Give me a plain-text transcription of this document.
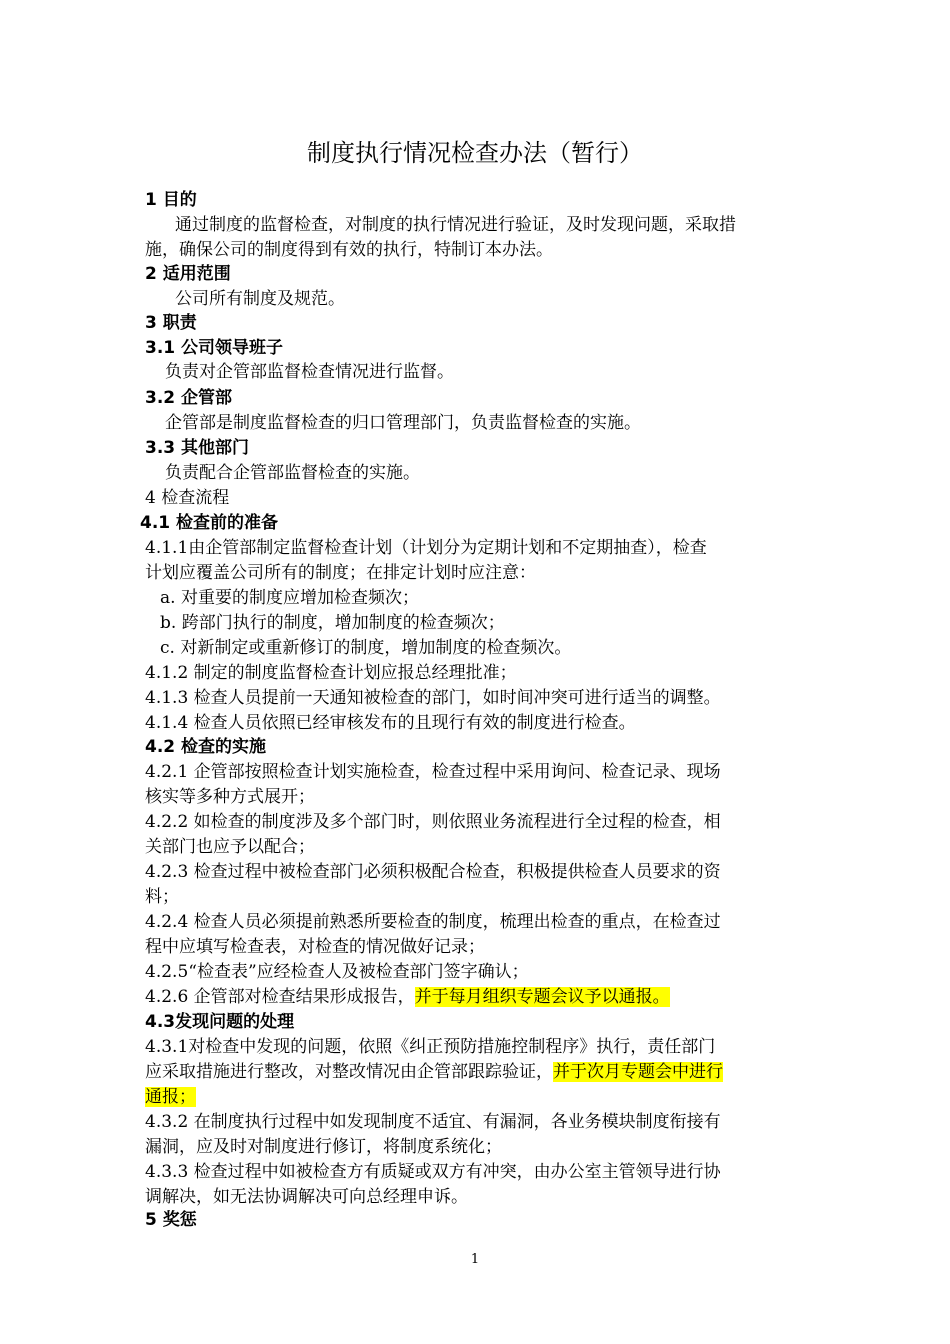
制度执行情况检查办法（暂行）
1 目的
通过制度的监督检查，对制度的执行情况进行验证，及时发现问题，采取措
施，确保公司的制度得到有效的执行，特制订本办法。
2 适用范围
公司所有制度及规范。
3 职责
3.1 公司领导班子
负责对企管部监督检查情况进行监督。
3.2 企管部
企管部是制度监督检查的归口管理部门，负责监督检查的实施。
3.3 其他部门
负责配合企管部监督检查的实施。
4 检查流程
4.1 检查前的准备
4.1.1由企管部制定监督检查计划（计划分为定期计划和不定期抽查），检查
计划应覆盖公司所有的制度；在排定计划时应注意：
a. 对重要的制度应增加检查频次；
b. 跨部门执行的制度，增加制度的检查频次；
c. 对新制定或重新修订的制度，增加制度的检查频次。
4.1.2 制定的制度监督检查计划应报总经理批准；
4.1.3 检查人员提前一天通知被检查的部门，如时间冲突可进行适当的调整。
4.1.4 检查人员依照已经审核发布的且现行有效的制度进行检查。
4.2 检查的实施
4.2.1 企管部按照检查计划实施检查，检查过程中采用询问、检查记录、现场
核实等多种方式展开；
4.2.2 如检查的制度涉及多个部门时，则依照业务流程进行全过程的检查，相
关部门也应予以配合；
4.2.3 检查过程中被检查部门必须积极配合检查，积极提供检查人员要求的资
料；
4.2.4 检查人员必须提前熟悉所要检查的制度，梳理出检查的重点，在检查过
程中应填写检查表，对检查的情况做好记录；
4.2.5“检查表”应经检查人及被检查部门签字确认；
4.2.6 企管部对检查结果形成报告，并于每月组织专题会议予以通报。
4.3发现问题的处理
4.3.1对检查中发现的问题，依照《纠正预防措施控制程序》执行，责任部门
应采取措施进行整改，对整改情况由企管部跟踪验证，并于次月专题会中进行
通报；
4.3.2 在制度执行过程中如发现制度不适宜、有漏洞，各业务模块制度衔接有
漏洞，应及时对制度进行修订，将制度系统化；
4.3.3 检查过程中如被检查方有质疑或双方有冲突，由办公室主管领导进行协
调解决，如无法协调解决可向总经理申诉。
5 奖惩
1
